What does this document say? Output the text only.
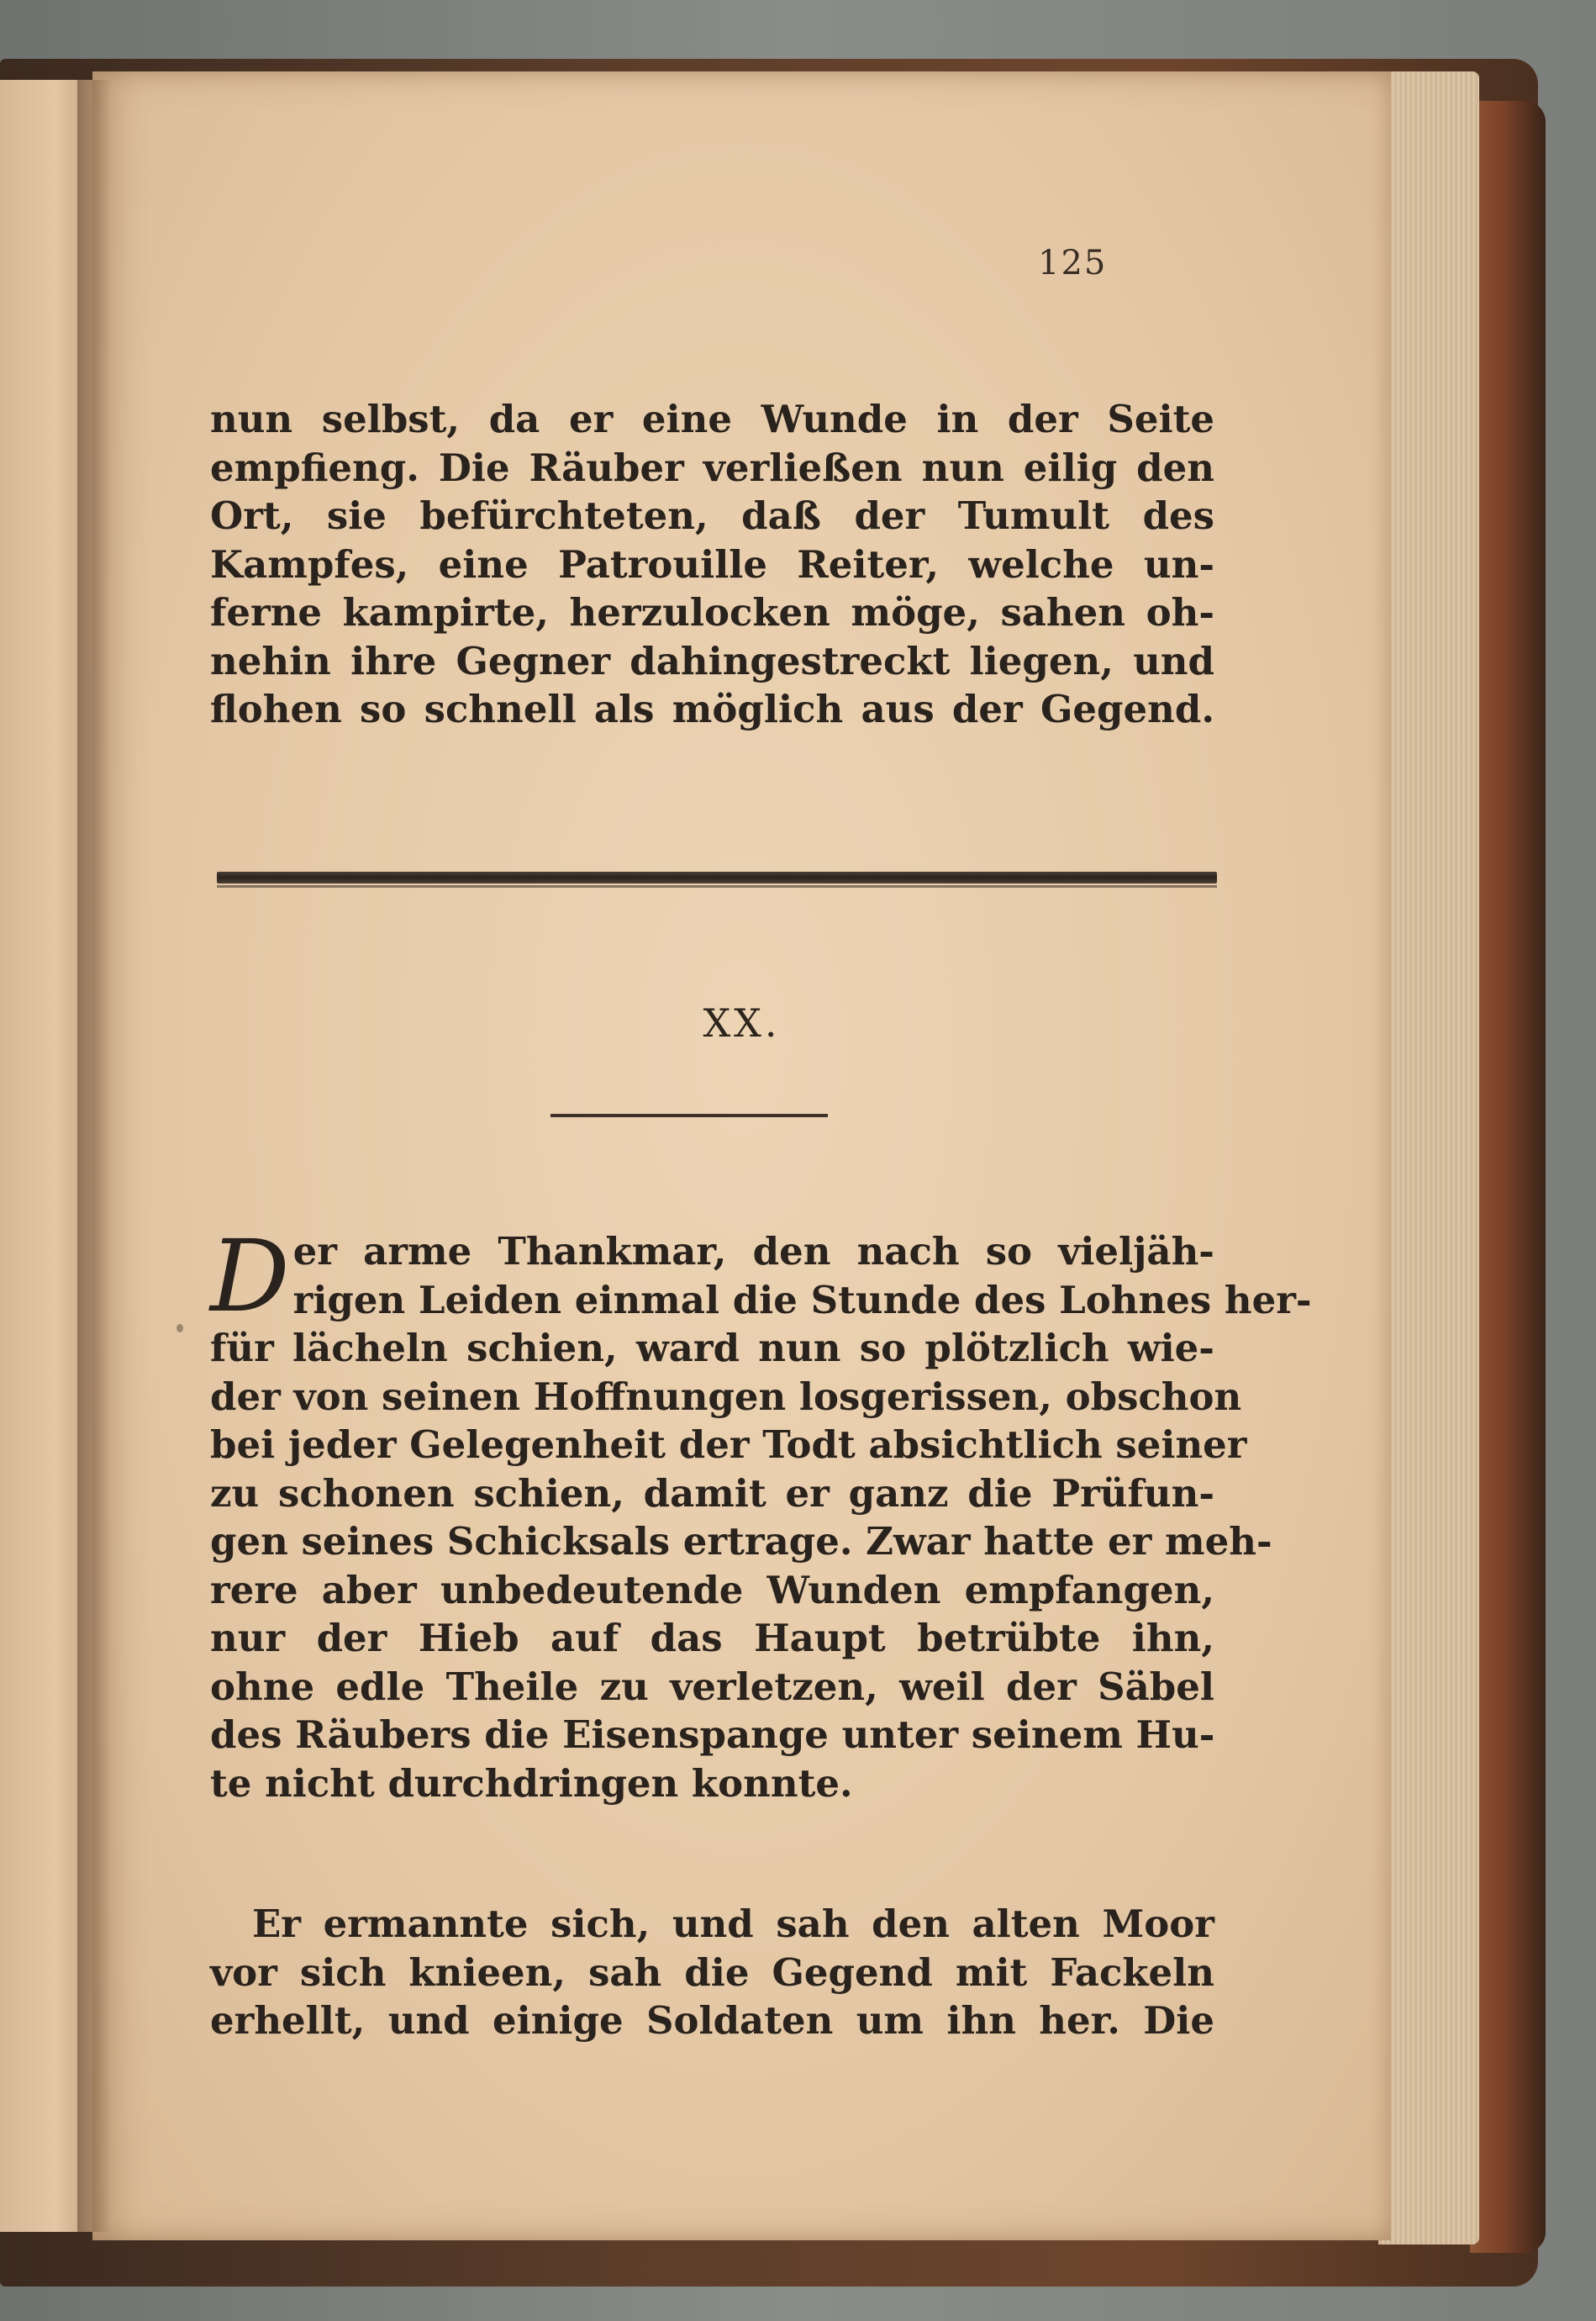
125

nun selbst, da er eine Wunde in der Seite
empfieng. Die Räuber verließen nun eilig den
Ort, sie befürchteten, daß der Tumult des
Kampfes, eine Patrouille Reiter, welche un-
ferne kampirte, herzulocken möge, sahen oh-
nehin ihre Gegner dahingestreckt liegen, und
flohen so schnell als möglich aus der Gegend.

XX.

D er arme Thankmar, den nach so vieljäh-
rigen Leiden einmal die Stunde des Lohnes her-
für lächeln schien, ward nun so plötzlich wie-
der von seinen Hoffnungen losgerissen, obschon
bei jeder Gelegenheit der Todt absichtlich seiner
zu schonen schien, damit er ganz die Prüfun-
gen seines Schicksals ertrage. Zwar hatte er meh-
rere aber unbedeutende Wunden empfangen,
nur der Hieb auf das Haupt betrübte ihn,
ohne edle Theile zu verletzen, weil der Säbel
des Räubers die Eisenspange unter seinem Hu-
te nicht durchdringen konnte.

Er ermannte sich, und sah den alten Moor
vor sich knieen, sah die Gegend mit Fackeln
erhellt, und einige Soldaten um ihn her. Die
